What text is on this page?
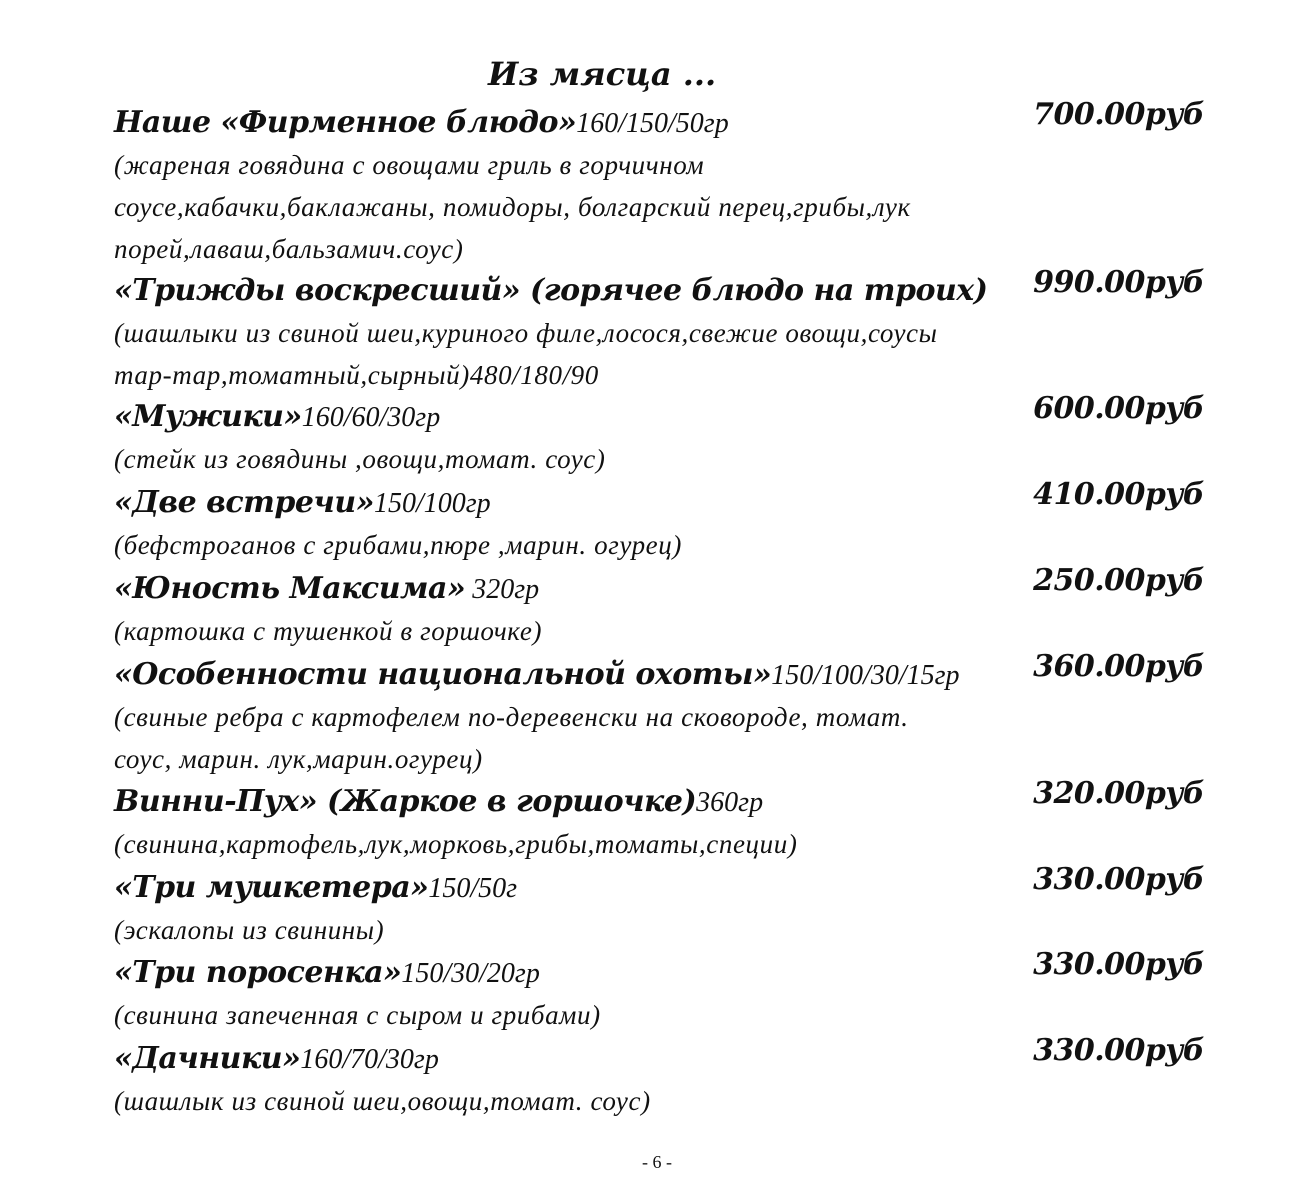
Из мясца ...
Наше «Фирменное блюдо»160/150/50гр	700.00руб
(жареная говядина с овощами гриль в горчичном
соусе,кабачки,баклажаны, помидоры, болгарский перец,грибы,лук
порей,лаваш,бальзамич.соус)
«Трижды воскресший» (горячее блюдо на троих) 990.00руб
(шашлыки из свиной шеи,куриного филе,лосося,свежие овощи,соусы
тар-тар,томатный,сырный)480/180/90
«Мужики»160/60/30гр	600.00руб
(стейк из говядины ,овощи,томат. соус)
«Две встречи»150/100гр	410.00руб
(бефстроганов с грибами,пюре ,марин. огурец)
«Юность Максима» 320гр	250.00руб
(картошка с тушенкой в горшочке)
«Особенности национальной охоты»150/100/30/15гр 360.00руб
(свиные ребра с картофелем по-деревенски на сковороде, томат.
соус, марин. лук,марин.огурец)
Винни-Пух» (Жаркое в горшочке)360гр	320.00руб
(свинина,картофель,лук,морковь,грибы,томаты,специи)
«Три мушкетера»150/50г	330.00руб
(эскалопы из свинины)
«Три поросенка»150/30/20гр	330.00руб
(свинина запеченная с сыром и грибами)
«Дачники»160/70/30гр	330.00руб
(шашлык из свиной шеи,овощи,томат. соус)
- 6 -
